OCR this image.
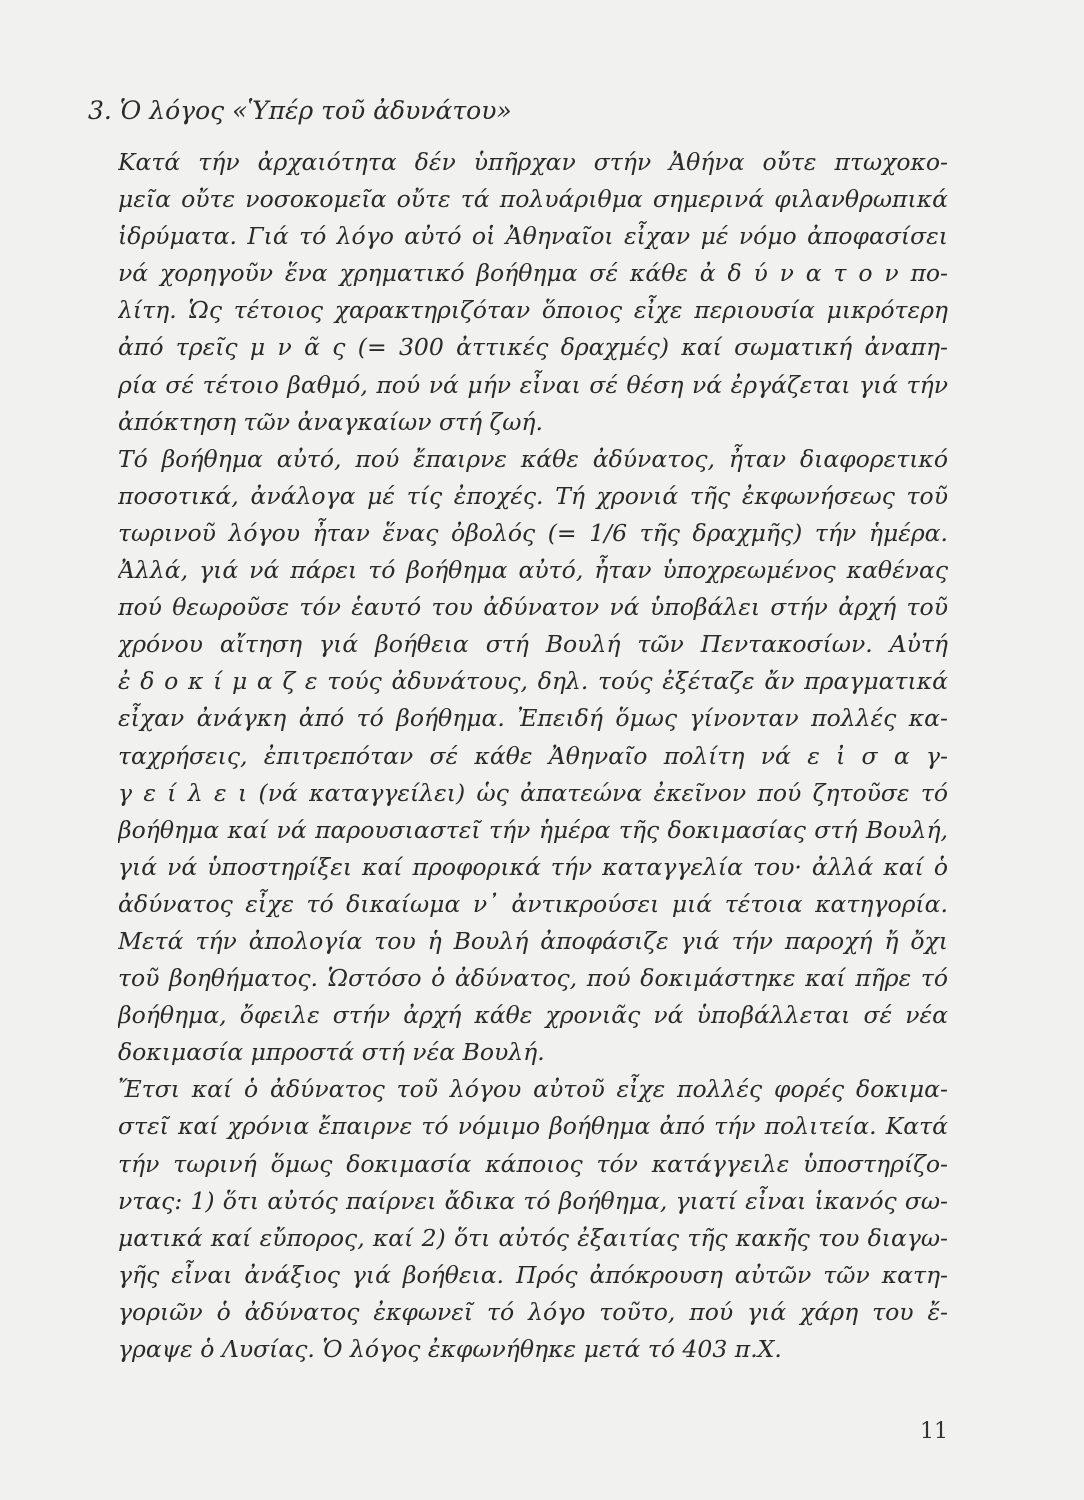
3. Ὁ λόγος «Ὑπέρ τοῦ ἀδυνάτου»
Κατά τήν ἀρχαιότητα δέν ὑπῆρχαν στήν Ἀθήνα οὔτε πτωχοκο-
μεῖα οὔτε νοσοκομεῖα οὔτε τά πολυάριθμα σημερινά φιλανθρωπικά
ἱδρύματα. Γιά τό λόγο αὐτό οἱ Ἀθηναῖοι εἶχαν μέ νόμο ἀποφασίσει
νά χορηγοῦν ἕνα χρηματικό βοήθημα σέ κάθε ἀ δ ύ ν α τ ο ν πο-
λίτη. Ὡς τέτοιος χαρακτηριζόταν ὅποιος εἶχε περιουσία μικρότερη
ἀπό τρεῖς μ ν ᾶ ς (= 300 ἀττικές δραχμές) καί σωματική ἀναπη-
ρία σέ τέτοιο βαθμό, πού νά μήν εἶναι σέ θέση νά ἐργάζεται γιά τήν
ἀπόκτηση τῶν ἀναγκαίων στή ζωή.
Τό βοήθημα αὐτό, πού ἔπαιρνε κάθε ἀδύνατος, ἦταν διαφορετικό
ποσοτικά, ἀνάλογα μέ τίς ἐποχές. Τή χρονιά τῆς ἐκφωνήσεως τοῦ
τωρινοῦ λόγου ἦταν ἕνας ὀβολός (= 1/6 τῆς δραχμῆς) τήν ἡμέρα.
Ἀλλά, γιά νά πάρει τό βοήθημα αὐτό, ἦταν ὑποχρεωμένος καθένας
πού θεωροῦσε τόν ἑαυτό του ἀδύνατον νά ὑποβάλει στήν ἀρχή τοῦ
χρόνου αἴτηση γιά βοήθεια στή Βουλή τῶν Πεντακοσίων. Αὐτή
ἐ δ ο κ ί μ α ζ ε τούς ἀδυνάτους, δηλ. τούς ἐξέταζε ἄν πραγματικά
εἶχαν ἀνάγκη ἀπό τό βοήθημα. Ἐπειδή ὅμως γίνονταν πολλές κα-
ταχρήσεις, ἐπιτρεπόταν σέ κάθε Ἀθηναῖο πολίτη νά ε ἰ σ α γ-
γ ε ί λ ε ι (νά καταγγείλει) ὡς ἀπατεώνα ἐκεῖνον πού ζητοῦσε τό
βοήθημα καί νά παρουσιαστεῖ τήν ἡμέρα τῆς δοκιμασίας στή Βουλή,
γιά νά ὑποστηρίξει καί προφορικά τήν καταγγελία του· ἀλλά καί ὁ
ἀδύνατος εἶχε τό δικαίωμα ν᾿ ἀντικρούσει μιά τέτοια κατηγορία.
Μετά τήν ἀπολογία του ἡ Βουλή ἀποφάσιζε γιά τήν παροχή ἤ ὄχι
τοῦ βοηθήματος. Ὡστόσο ὁ ἀδύνατος, πού δοκιμάστηκε καί πῆρε τό
βοήθημα, ὄφειλε στήν ἀρχή κάθε χρονιᾶς νά ὑποβάλλεται σέ νέα
δοκιμασία μπροστά στή νέα Βουλή.
Ἔτσι καί ὁ ἀδύνατος τοῦ λόγου αὐτοῦ εἶχε πολλές φορές δοκιμα-
στεῖ καί χρόνια ἔπαιρνε τό νόμιμο βοήθημα ἀπό τήν πολιτεία. Κατά
τήν τωρινή ὅμως δοκιμασία κάποιος τόν κατάγγειλε ὑποστηρίζο-
ντας: 1) ὅτι αὐτός παίρνει ἄδικα τό βοήθημα, γιατί εἶναι ἱκανός σω-
ματικά καί εὔπορος, καί 2) ὅτι αὐτός ἐξαιτίας τῆς κακῆς του διαγω-
γῆς εἶναι ἀνάξιος γιά βοήθεια. Πρός ἀπόκρουση αὐτῶν τῶν κατη-
γοριῶν ὁ ἀδύνατος ἐκφωνεῖ τό λόγο τοῦτο, πού γιά χάρη του ἔ-
γραψε ὁ Λυσίας. Ὁ λόγος ἐκφωνήθηκε μετά τό 403 π.Χ.
11
